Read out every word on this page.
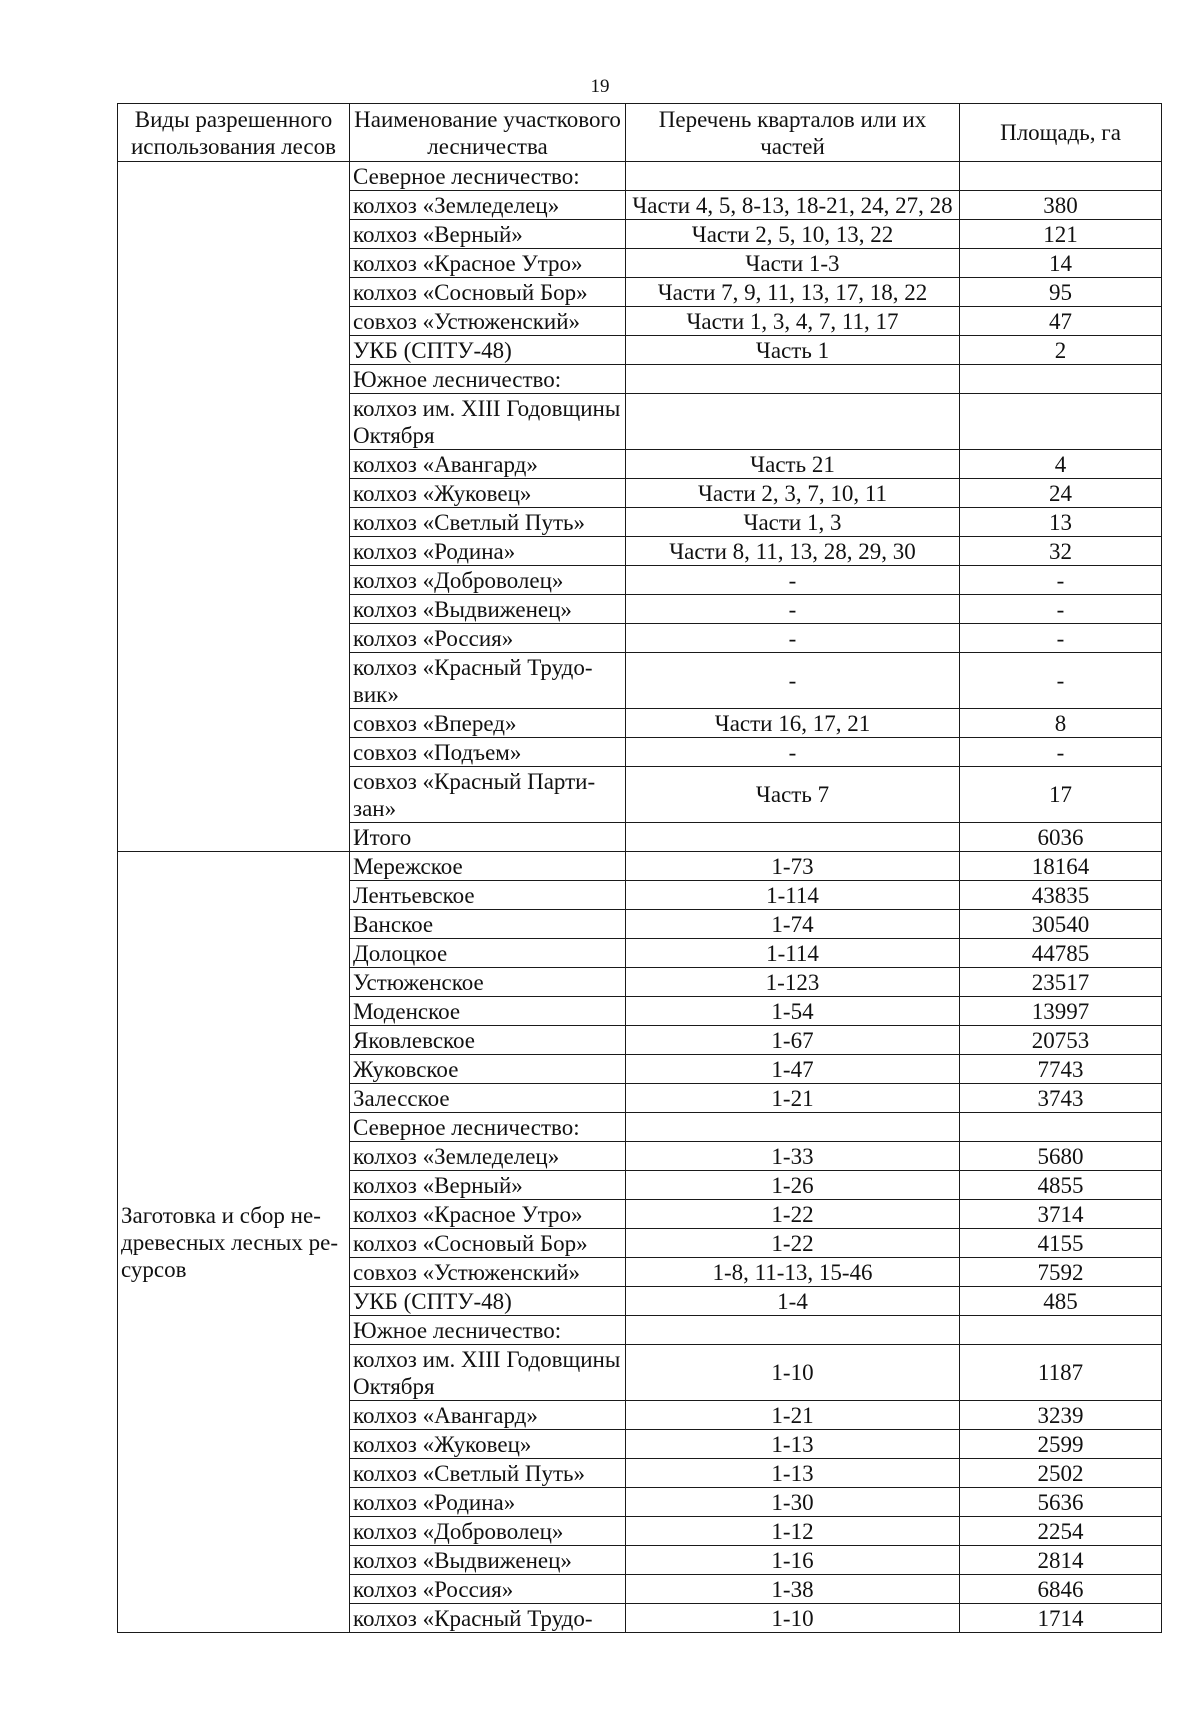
19
Виды разрешенного использования лесов	Наименование участкового лесничества	Перечень кварталов или их частей	Площадь, га
	Северное лесничество:		
	колхоз «Земледелец»	Части 4, 5, 8-13, 18-21, 24, 27, 28	380
	колхоз «Верный»	Части 2, 5, 10, 13, 22	121
	колхоз «Красное Утро»	Части 1-3	14
	колхоз «Сосновый Бор»	Части 7, 9, 11, 13, 17, 18, 22	95
	совхоз «Устюженский»	Части 1, 3, 4, 7, 11, 17	47
	УКБ (СПТУ-48)	Часть 1	2
	Южное лесничество:		
	колхоз им. XIII Годовщины Октября		
	колхоз «Авангард»	Часть 21	4
	колхоз «Жуковец»	Части 2, 3, 7, 10, 11	24
	колхоз «Светлый Путь»	Части 1, 3	13
	колхоз «Родина»	Части 8, 11, 13, 28, 29, 30	32
	колхоз «Доброволец»	-	-
	колхоз «Выдвиженец»	-	-
	колхоз «Россия»	-	-
	колхоз «Красный Трудо-вик»	-	-
	совхоз «Вперед»	Части 16, 17, 21	8
	совхоз «Подъем»	-	-
	совхоз «Красный Парти-зан»	Часть 7	17
	Итого		6036
Заготовка и сбор не-древесных лесных ре-сурсов	Мережское	1-73	18164
	Лентьевское	1-114	43835
	Ванское	1-74	30540
	Долоцкое	1-114	44785
	Устюженское	1-123	23517
	Моденское	1-54	13997
	Яковлевское	1-67	20753
	Жуковское	1-47	7743
	Залесское	1-21	3743
	Северное лесничество:		
	колхоз «Земледелец»	1-33	5680
	колхоз «Верный»	1-26	4855
	колхоз «Красное Утро»	1-22	3714
	колхоз «Сосновый Бор»	1-22	4155
	совхоз «Устюженский»	1-8, 11-13, 15-46	7592
	УКБ (СПТУ-48)	1-4	485
	Южное лесничество:		
	колхоз им. XIII Годовщины Октября	1-10	1187
	колхоз «Авангард»	1-21	3239
	колхоз «Жуковец»	1-13	2599
	колхоз «Светлый Путь»	1-13	2502
	колхоз «Родина»	1-30	5636
	колхоз «Доброволец»	1-12	2254
	колхоз «Выдвиженец»	1-16	2814
	колхоз «Россия»	1-38	6846
	колхоз «Красный Трудо-	1-10	1714
